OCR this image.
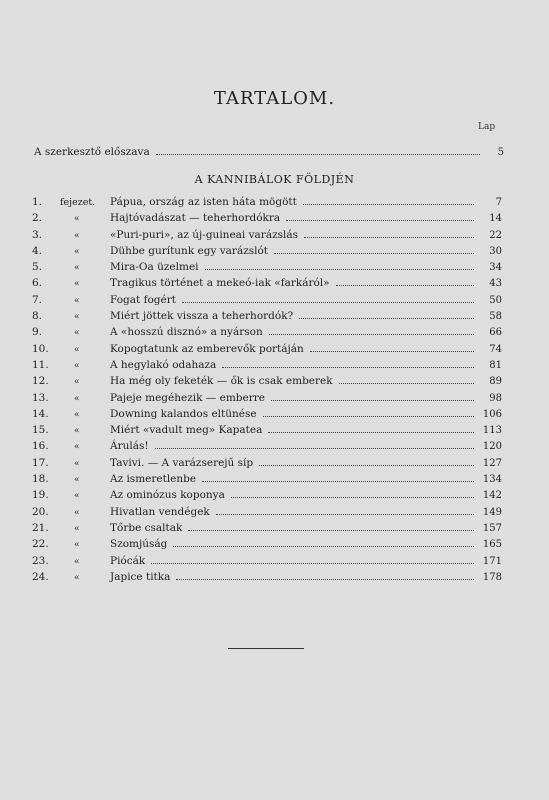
TARTALOM.
Lap
A szerkesztő előszava	5
A KANNIBÁLOK FÖLDJÉN
1.	fejezet.	Pápua, ország az isten háta mögött	7
2.	«	Hajtóvadászat — teherhordókra	14
3.	«	«Puri-puri», az új-guineai varázslás	22
4.	«	Dühbe gurítunk egy varázslót	30
5.	«	Mira-Oa üzelmei	34
6.	«	Tragikus történet a mekeó-iak «farkáról»	43
7.	«	Fogat fogért	50
8.	«	Miért jöttek vissza a teherhordók?	58
9.	«	A «hosszú disznó» a nyárson	66
10.	«	Kopogtatunk az emberevők portáján	74
11.	«	A hegylakó odahaza	81
12.	«	Ha még oly feketék — ők is csak emberek	89
13.	«	Pajeje megéhezik — emberre	98
14.	«	Downing kalandos eltünése	106
15.	«	Miért «vadult meg» Kapatea	113
16.	«	Árulás!	120
17.	«	Tavivi. — A varázserejű síp	127
18.	«	Az ismeretlenbe	134
19.	«	Az ominózus koponya	142
20.	«	Hivatlan vendégek	149
21.	«	Tőrbe csaltak	157
22.	«	Szomjúság	165
23.	«	Piócák	171
24.	«	Japice titka	178
